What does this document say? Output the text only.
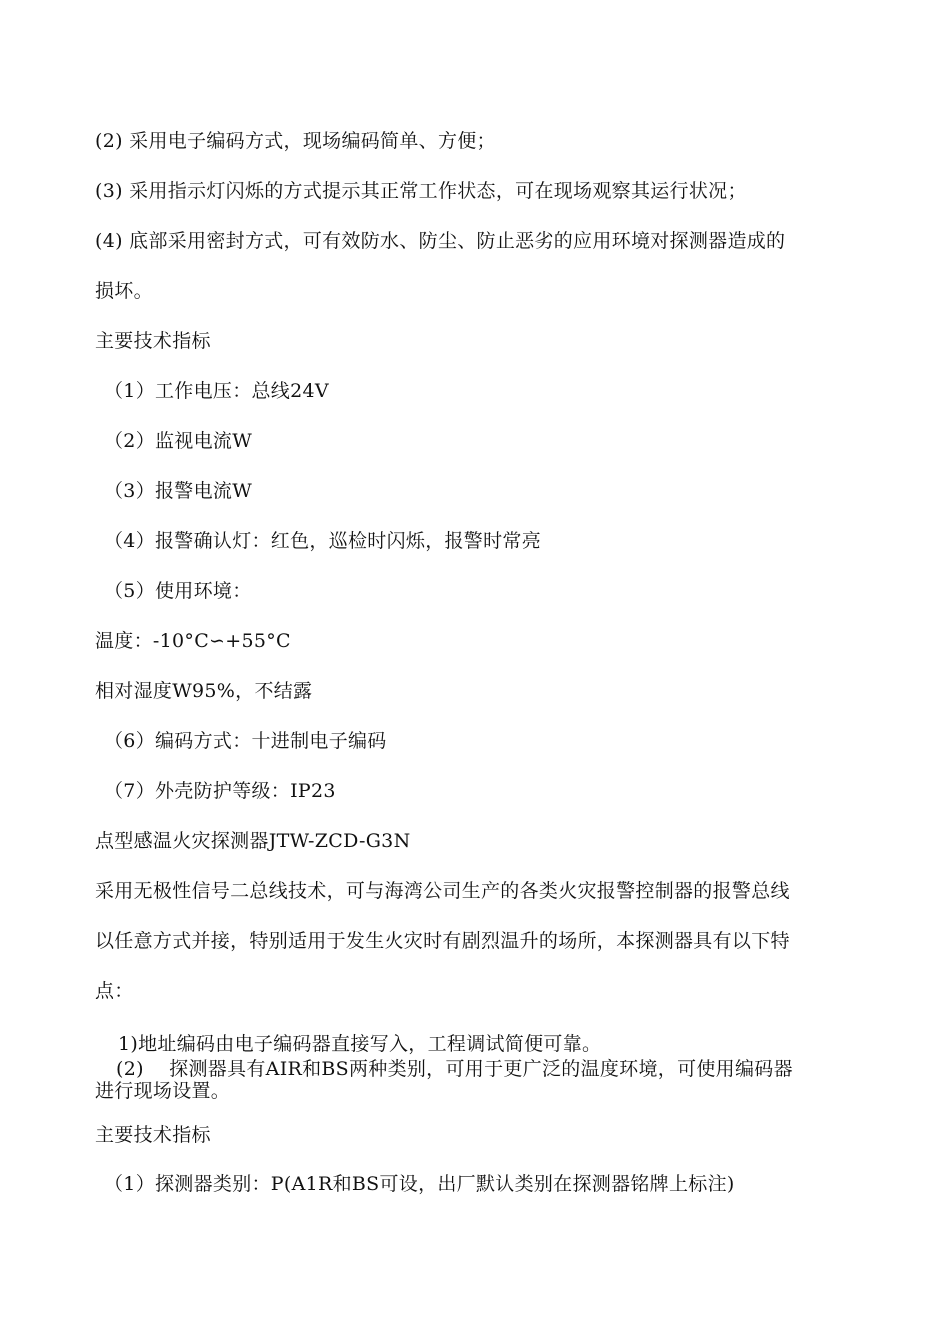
(2) 采用电子编码方式，现场编码简单、方便；
(3) 采用指示灯闪烁的方式提示其正常工作状态，可在现场观察其运行状况；
(4) 底部采用密封方式，可有效防水、防尘、防止恶劣的应用环境对探测器造成的
损坏。
主要技术指标
（1）工作电压：总线24V
（2）监视电流W
（3）报警电流W
（4）报警确认灯：红色，巡检时闪烁，报警时常亮
（5）使用环境：
温度：-10°C∽+55°C
相对湿度W95%，不结露
（6）编码方式：十进制电子编码
（7）外壳防护等级：IP23
点型感温火灾探测器JTW-ZCD-G3N
采用无极性信号二总线技术，可与海湾公司生产的各类火灾报警控制器的报警总线
以任意方式并接，特别适用于发生火灾时有剧烈温升的场所，本探测器具有以下特
点：
1)地址编码由电子编码器直接写入，工程调试简便可靠。
(2)    探测器具有AIR和BS两种类别，可用于更广泛的温度环境，可使用编码器
进行现场设置。
主要技术指标
（1）探测器类别：P(A1R和BS可设，出厂默认类别在探测器铭牌上标注)
